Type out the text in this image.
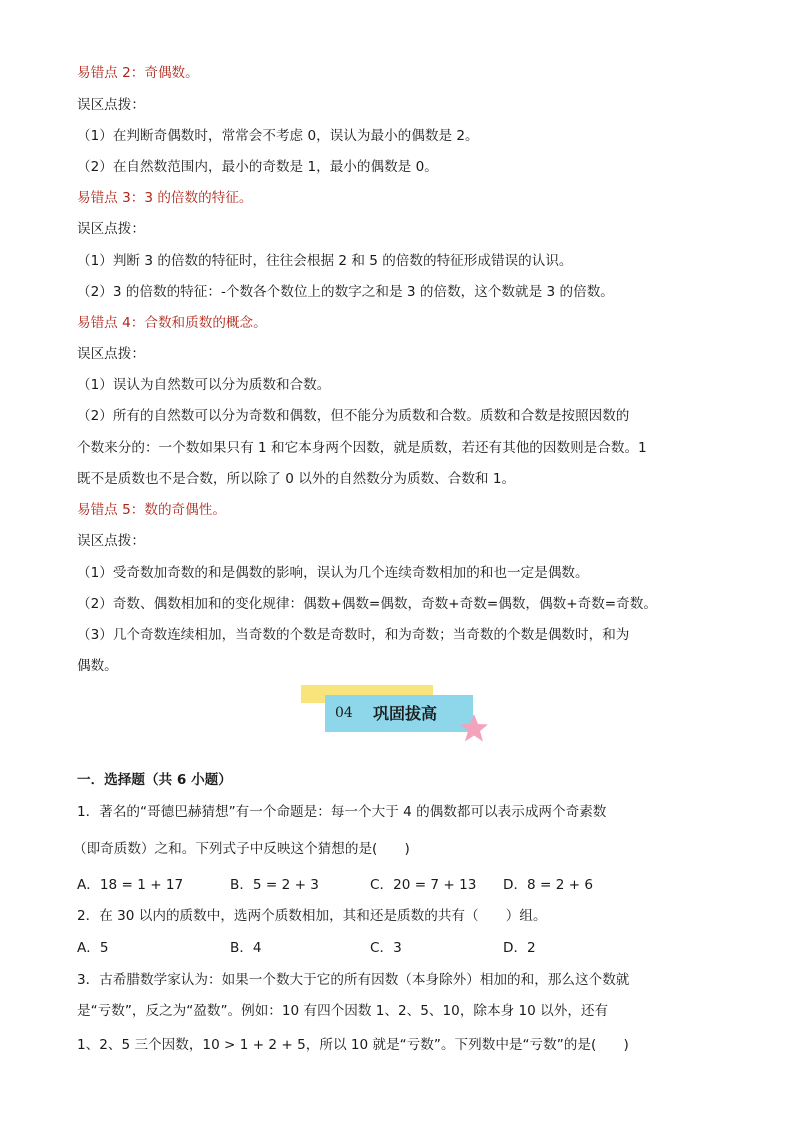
易错点 2：奇偶数。
误区点拨：
（1）在判断奇偶数时，常常会不考虑 0，误认为最小的偶数是 2。
（2）在自然数范围内，最小的奇数是 1，最小的偶数是 0。
易错点 3：3 的倍数的特征。
误区点拨：
（1）判断 3 的倍数的特征时，往往会根据 2 和 5 的倍数的特征形成错误的认识。
（2）3 的倍数的特征：-个数各个数位上的数字之和是 3 的倍数，这个数就是 3 的倍数。
易错点 4：合数和质数的概念。
误区点拨：
（1）误认为自然数可以分为质数和合数。
（2）所有的自然数可以分为奇数和偶数，但不能分为质数和合数。质数和合数是按照因数的
个数来分的：一个数如果只有 1 和它本身两个因数，就是质数，若还有其他的因数则是合数。1
既不是质数也不是合数，所以除了 0 以外的自然数分为质数、合数和 1。
易错点 5：数的奇偶性。
误区点拨：
（1）受奇数加奇数的和是偶数的影响，误认为几个连续奇数相加的和也一定是偶数。
（2）奇数、偶数相加和的变化规律：偶数+偶数=偶数，奇数+奇数=偶数，偶数+奇数=奇数。
（3）几个奇数连续相加，当奇数的个数是奇数时，和为奇数；当奇数的个数是偶数时，和为
偶数。
04 巩固拔高
一．选择题（共 6 小题）
1．著名的“哥德巴赫猜想”有一个命题是：每一个大于 4 的偶数都可以表示成两个奇素数
（即奇质数）之和。下列式子中反映这个猜想的是(　　)
A．18 = 1 + 17	B．5 = 2 + 3	C．20 = 7 + 13 D．8 = 2 + 6
2．在 30 以内的质数中，选两个质数相加，其和还是质数的共有（　　）组。
A．5	B．4	C．3	D．2
3．古希腊数学家认为：如果一个数大于它的所有因数（本身除外）相加的和，那么这个数就
是“亏数”，反之为“盈数”。例如：10 有四个因数 1、2、5、10，除本身 10 以外，还有
1、2、5 三个因数，10 > 1 + 2 + 5，所以 10 就是“亏数”。下列数中是“亏数”的是(　　)
